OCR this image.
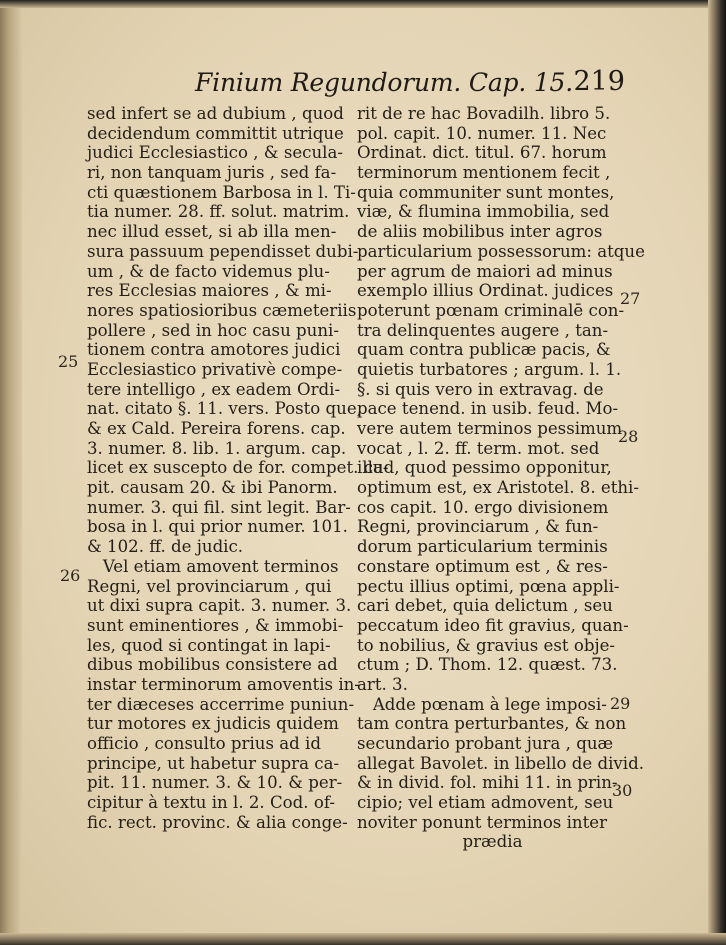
Finium Regundorum. Cap. 15. 219
sed infert se ad dubium , quod
decidendum committit utrique
judici Ecclesiastico , & secula-
ri, non tanquam juris , sed fa-
cti quæstionem Barbosa in l. Ti-
tia numer. 28. ff. solut. matrim.
nec illud esset, si ab illa men-
sura passuum pependisset dubi-
um , & de facto videmus plu-
res Ecclesias maiores , & mi-
nores spatiosioribus cæmeteriis
pollere , sed in hoc casu puni-
tionem contra amotores judici
Ecclesiastico privativè compe-
tere intelligo , ex eadem Ordi-
nat. citato §. 11. vers. Posto que,
& ex Cald. Pereira forens. cap.
3. numer. 8. lib. 1. argum. cap.
licet ex suscepto de for. compet. ca-
pit. causam 20. & ibi Panorm.
numer. 3. qui fil. sint legit. Bar-
bosa in l. qui prior numer. 101.
& 102. ff. de judic.
Vel etiam amovent terminos
Regni, vel provinciarum , qui
ut dixi supra capit. 3. numer. 3.
sunt eminentiores , & immobi-
les, quod si contingat in lapi-
dibus mobilibus consistere ad
instar terminorum amoventis in-
ter diæceses accerrime puniun-
tur motores ex judicis quidem
officio , consulto prius ad id
principe, ut habetur supra ca-
pit. 11. numer. 3. & 10. & per-
cipitur à textu in l. 2. Cod. of-
fic. rect. provinc. & alia conge-
rit de re hac Bovadilh. libro 5.
pol. capit. 10. numer. 11. Nec
Ordinat. dict. titul. 67. horum
terminorum mentionem fecit ,
quia communiter sunt montes,
viæ, & flumina immobilia, sed
de aliis mobilibus inter agros
particularium possessorum: atque
per agrum de maiori ad minus
exemplo illius Ordinat. judices
poterunt pœnam criminalē con-
tra delinquentes augere , tan-
quam contra publicæ pacis, &
quietis turbatores ; argum. l. 1.
§. si quis vero in extravag. de
pace tenend. in usib. feud. Mo-
vere autem terminos pessimum
vocat , l. 2. ff. term. mot. sed
illud, quod pessimo opponitur,
optimum est, ex Aristotel. 8. ethi-
cos capit. 10. ergo divisionem
Regni, provinciarum , & fun-
dorum particularium terminis
constare optimum est , & res-
pectu illius optimi, pœna appli-
cari debet, quia delictum , seu
peccatum ideo fit gravius, quan-
to nobilius, & gravius est obje-
ctum ; D. Thom. 12. quæst. 73.
art. 3.
Adde pœnam à lege imposi-
tam contra perturbantes, & non
secundario probant jura , quæ
allegat Bavolet. in libello de divid.
& in divid. fol. mihi 11. in prin-
cipio; vel etiam admovent, seu
noviter ponunt terminos inter
prædia
25
26
27
28
29
30
